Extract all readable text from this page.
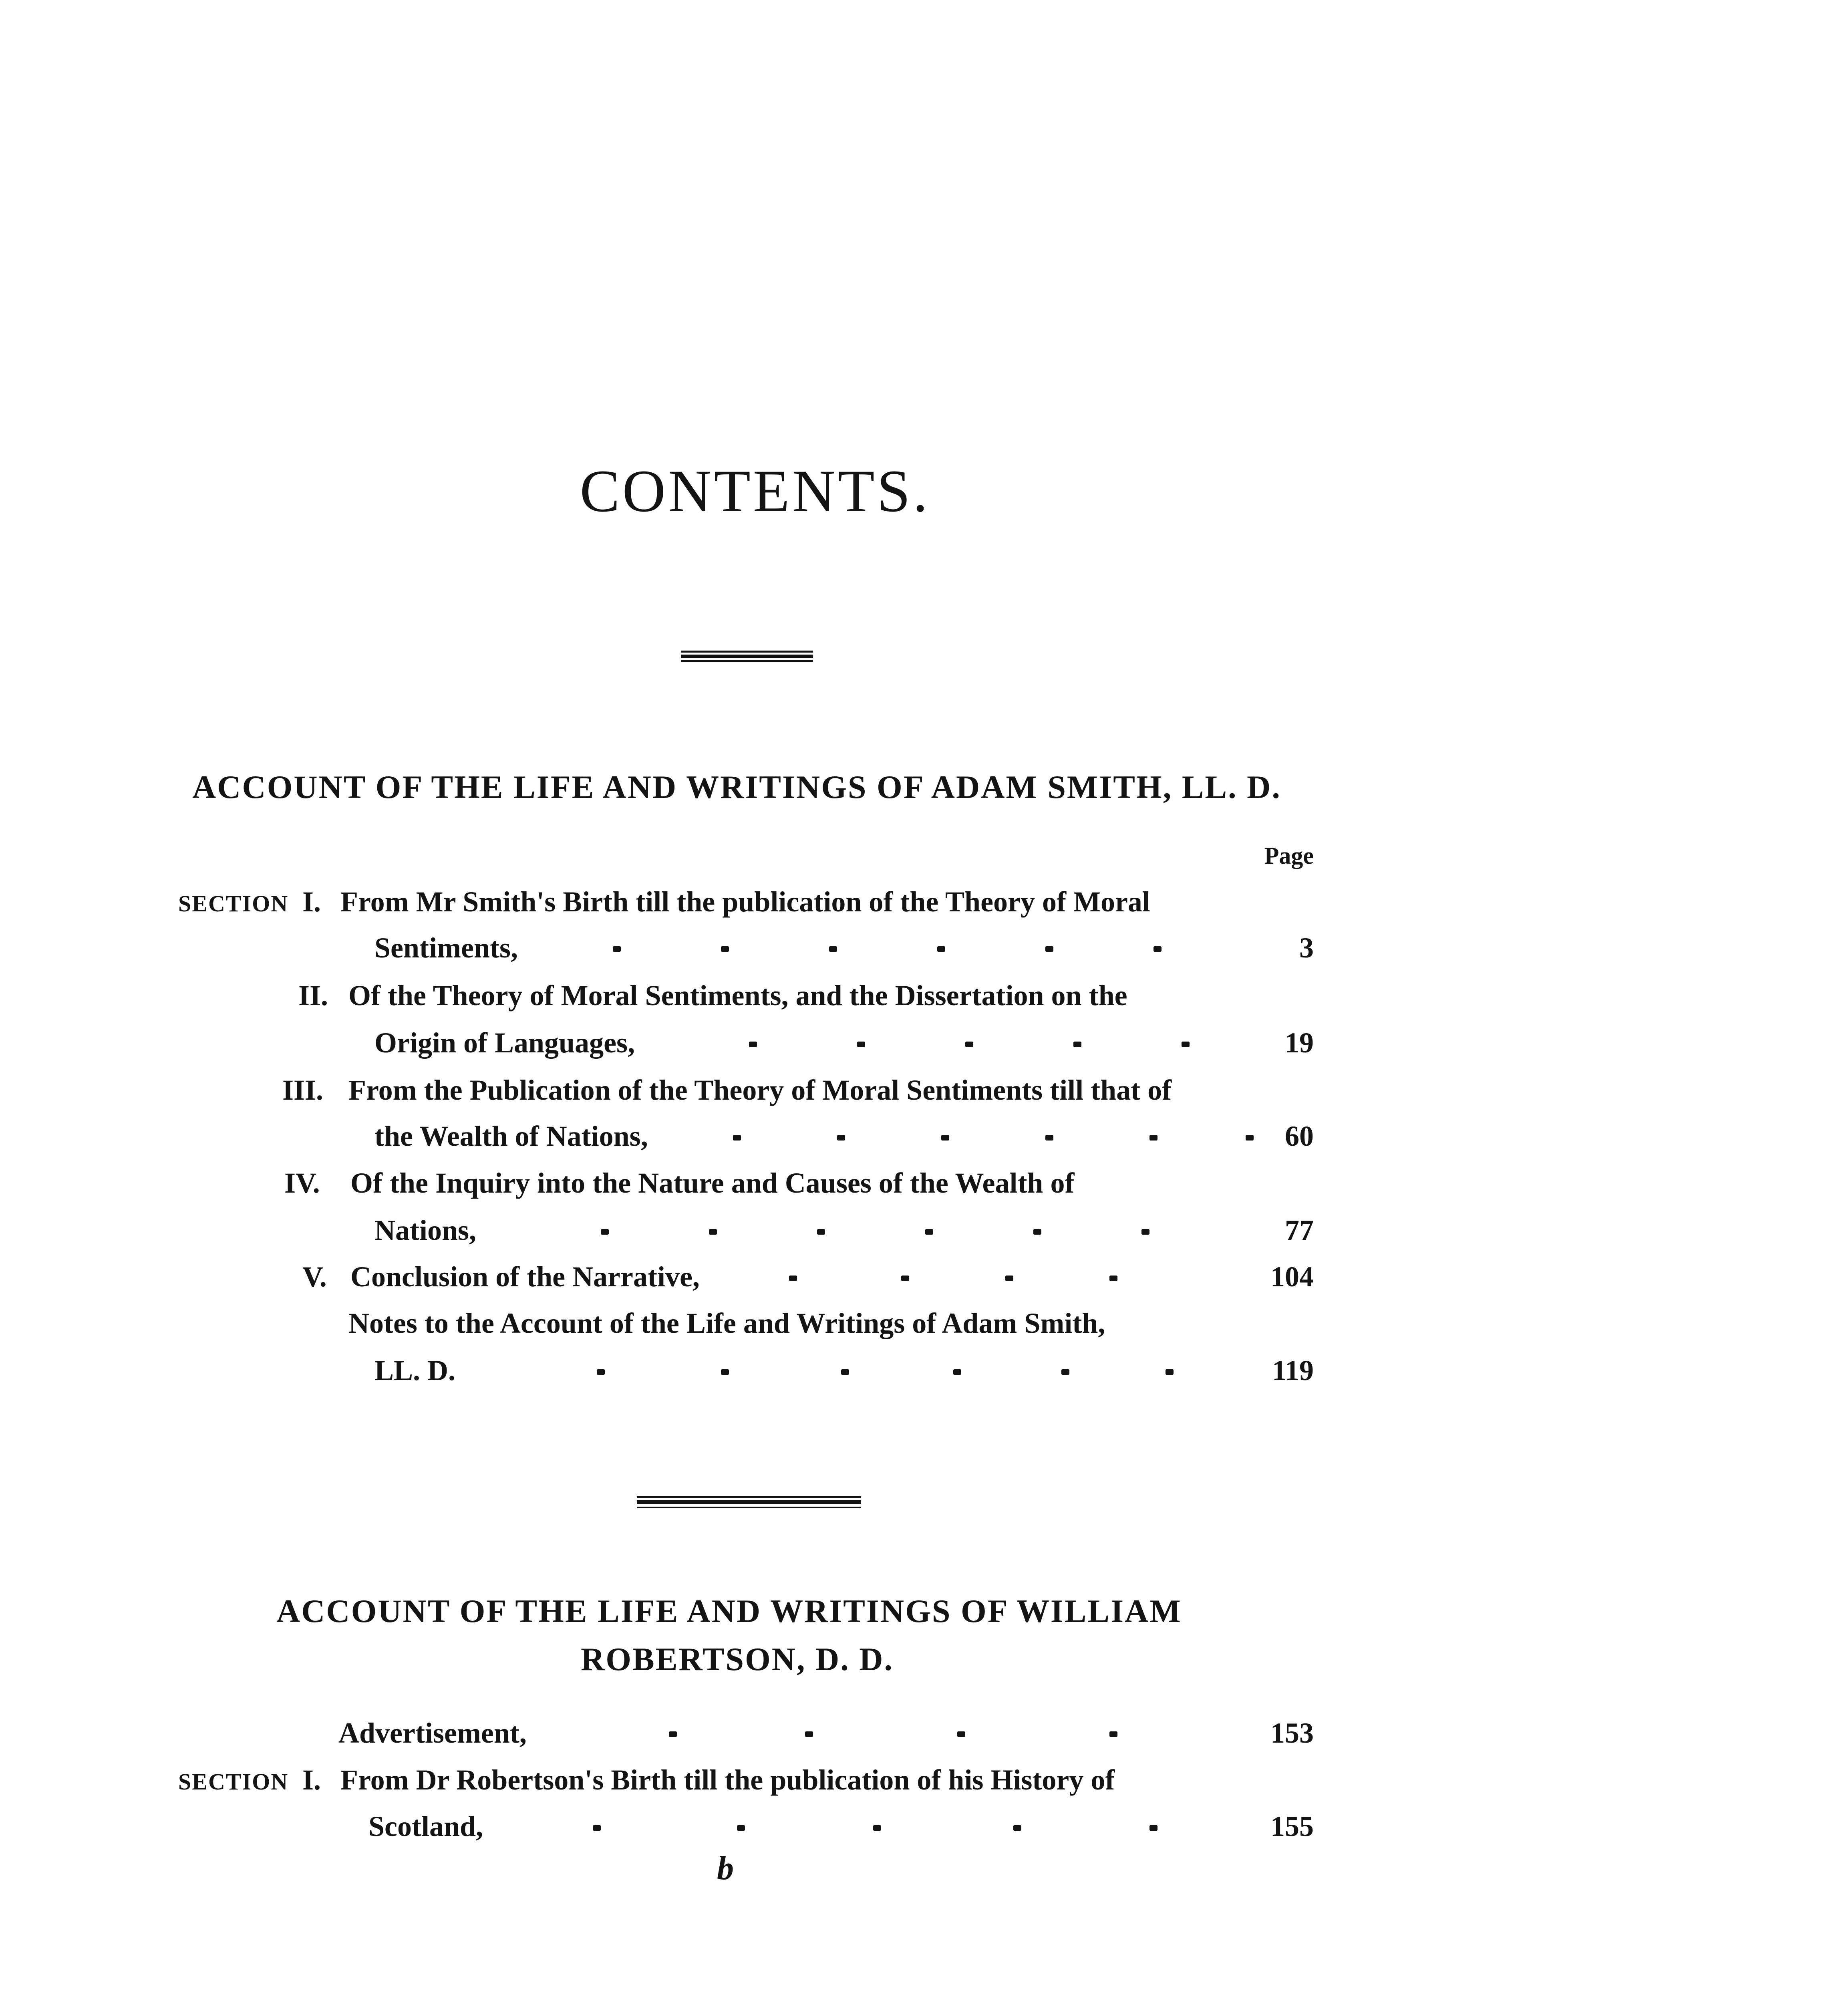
CONTENTS.
ACCOUNT OF THE LIFE AND WRITINGS OF ADAM SMITH, LL. D.
Page
SECTION I. From Mr Smith's Birth till the publication of the Theory of Moral
Sentiments,	3
II. Of the Theory of Moral Sentiments, and the Dissertation on the
Origin of Languages,	19
III. From the Publication of the Theory of Moral Sentiments till that of
the Wealth of Nations,	60
IV. Of the Inquiry into the Nature and Causes of the Wealth of
Nations,	77
V. Conclusion of the Narrative,	104
Notes to the Account of the Life and Writings of Adam Smith,
LL. D.	119
ACCOUNT OF THE LIFE AND WRITINGS OF WILLIAM
ROBERTSON, D. D.
Advertisement,	153
SECTION I. From Dr Robertson's Birth till the publication of his History of
Scotland,	155
b
